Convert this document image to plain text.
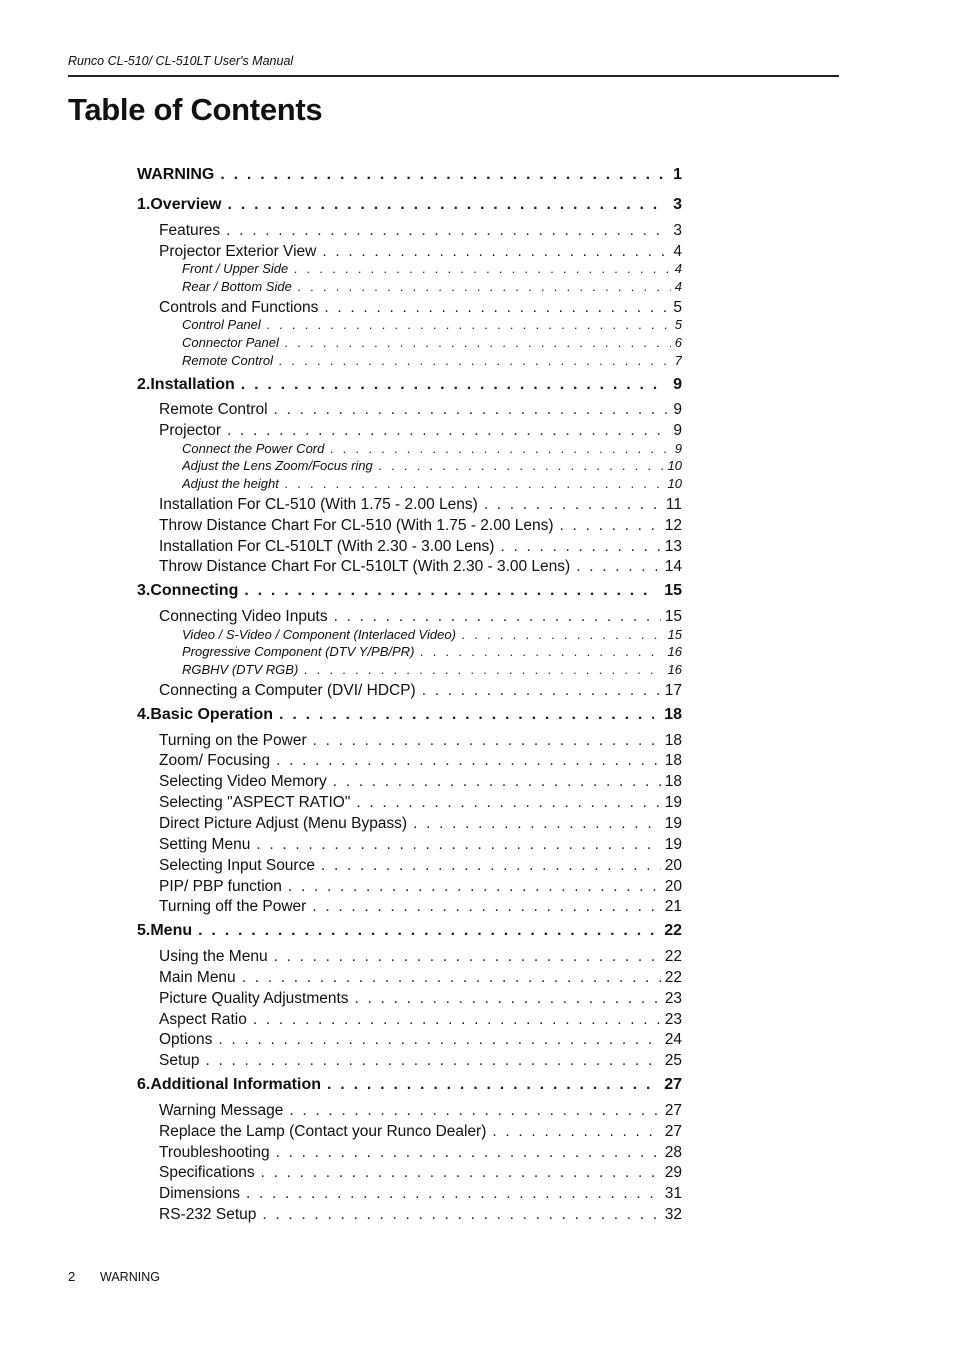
Runco CL-510/ CL-510LT User's Manual
Table of Contents
WARNING . . .	1
1.Overview . . .	3
Features . . .	3
Projector Exterior View . . .	4
Front / Upper Side . . .	4
Rear / Bottom Side . . .	4
Controls and Functions . . .	5
Control Panel . . .	5
Connector Panel . . .	6
Remote Control . . .	7
2.Installation . . .	9
Remote Control . . .	9
Projector . . .	9
Connect the Power Cord . . .	9
Adjust the Lens Zoom/Focus ring . . .	10
Adjust the height . . .	10
Installation For CL-510 (With 1.75 - 2.00 Lens) . . .	11
Throw Distance Chart For CL-510 (With 1.75 - 2.00 Lens) . . .	12
Installation For CL-510LT (With 2.30 - 3.00 Lens) . . .	13
Throw Distance Chart For CL-510LT (With 2.30 - 3.00 Lens) . . .	14
3.Connecting . . .	15
Connecting Video Inputs . . .	15
Video / S-Video / Component (Interlaced Video) . . .	15
Progressive Component (DTV Y/PB/PR) . . .	16
RGBHV (DTV RGB) . . .	16
Connecting a Computer (DVI/ HDCP) . . .	17
4.Basic Operation . . .	18
Turning on the Power . . .	18
Zoom/ Focusing . . .	18
Selecting Video Memory . . .	18
Selecting "ASPECT RATIO" . . .	19
Direct Picture Adjust (Menu Bypass) . . .	19
Setting Menu . . .	19
Selecting Input Source . . .	20
PIP/ PBP function . . .	20
Turning off the Power . . .	21
5.Menu . . .	22
Using the Menu . . .	22
Main Menu . . .	22
Picture Quality Adjustments . . .	23
Aspect Ratio . . .	23
Options . . .	24
Setup . . .	25
6.Additional Information . . .	27
Warning Message . . .	27
Replace the Lamp (Contact your Runco Dealer) . . .	27
Troubleshooting . . .	28
Specifications . . .	29
Dimensions . . .	31
RS-232 Setup . . .	32
2 WARNING
